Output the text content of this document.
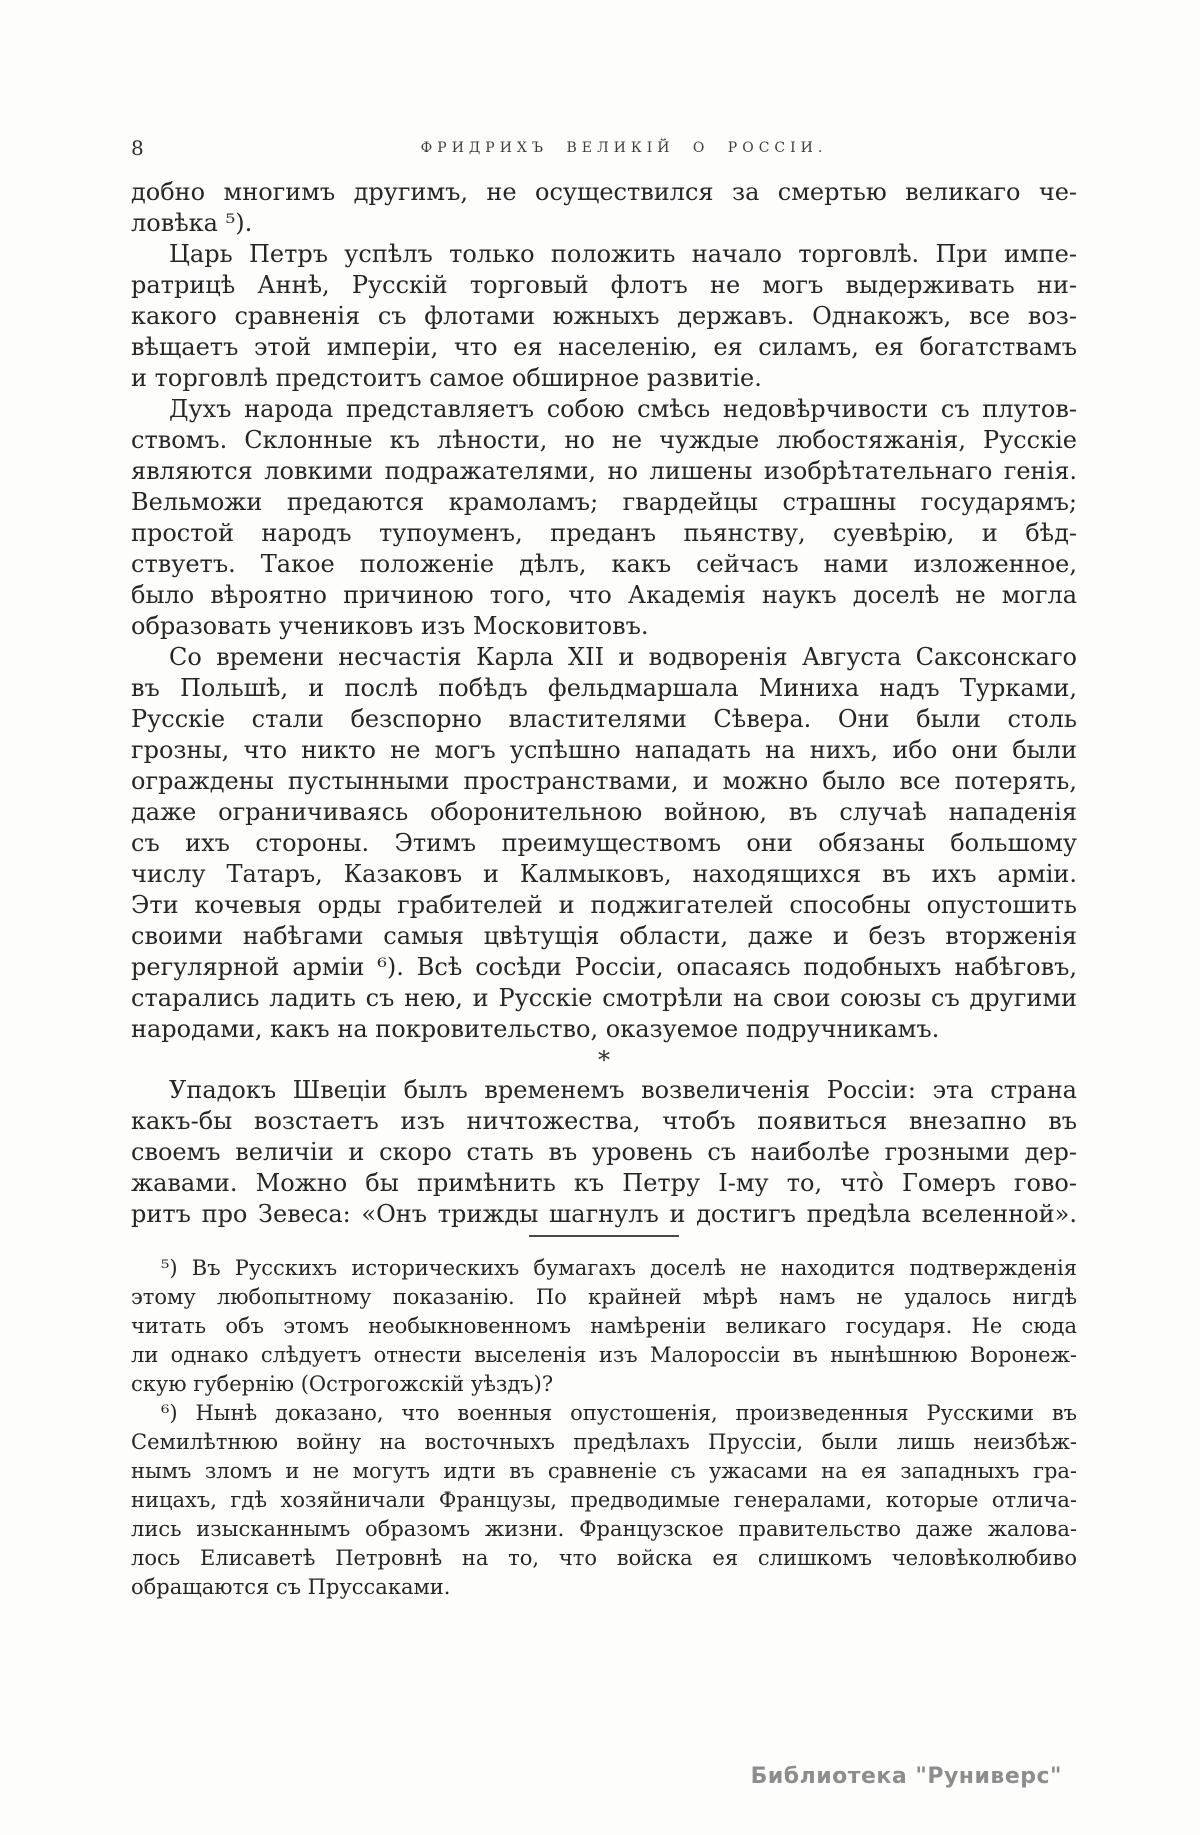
8	ФРИДРИХЪ ВЕЛИКІЙ О РОССІИ.
добно многимъ другимъ, не осуществился за смертью великаго че-
ловѣка ⁵).
Царь Петръ успѣлъ только положить начало торговлѣ. При импе-
ратрицѣ Аннѣ, Русскій торговый флотъ не могъ выдерживать ни-
какого сравненія съ флотами южныхъ державъ. Однакожъ, все воз-
вѣщаетъ этой имперіи, что ея населенію, ея силамъ, ея богатствамъ
и торговлѣ предстоитъ самое обширное развитіе.
Духъ народа представляетъ собою смѣсь недовѣрчивости съ плутов-
ствомъ. Склонные къ лѣности, но не чуждые любостяжанія, Русскіе
являются ловкими подражателями, но лишены изобрѣтательнаго генія.
Вельможи предаются крамоламъ; гвардейцы страшны государямъ;
простой народъ тупоуменъ, преданъ пьянству, суевѣрію, и бѣд-
ствуетъ. Такое положеніе дѣлъ, какъ сейчасъ нами изложенное,
было вѣроятно причиною того, что Академія наукъ доселѣ не могла
образовать учениковъ изъ Московитовъ.
Со времени несчастія Карла XII и водворенія Августа Саксонскаго
въ Польшѣ, и послѣ побѣдъ фельдмаршала Миниха надъ Турками,
Русскіе стали безспорно властителями Сѣвера. Они были столь
грозны, что никто не могъ успѣшно нападать на нихъ, ибо они были
ограждены пустынными пространствами, и можно было все потерять,
даже ограничиваясь оборонительною войною, въ случаѣ нападенія
съ ихъ стороны. Этимъ преимуществомъ они обязаны большому
числу Татаръ, Казаковъ и Калмыковъ, находящихся въ ихъ арміи.
Эти кочевыя орды грабителей и поджигателей способны опустошить
своими набѣгами самыя цвѣтущія области, даже и безъ вторженія
регулярной арміи ⁶). Всѣ сосѣди Россіи, опасаясь подобныхъ набѣговъ,
старались ладить съ нею, и Русскіе смотрѣли на свои союзы съ другими
народами, какъ на покровительство, оказуемое подручникамъ.
*
Упадокъ Швеціи былъ временемъ возвеличенія Россіи: эта страна
какъ-бы возстаетъ изъ ничтожества, чтобъ появиться внезапно въ
своемъ величіи и скоро стать въ уровень съ наиболѣе грозными дер-
жавами. Можно бы примѣнить къ Петру I-му то, что̀ Гомеръ гово-
ритъ про Зевеса: «Онъ трижды шагнулъ и достигъ предѣла вселенной».
⁵) Въ Русскихъ историческихъ бумагахъ доселѣ не находится подтвержденія
этому любопытному показанію. По крайней мѣрѣ намъ не удалось нигдѣ
читать объ этомъ необыкновенномъ намѣреніи великаго государя. Не сюда
ли однако слѣдуетъ отнести выселенія изъ Малороссіи въ нынѣшнюю Воронеж-
скую губернію (Острогожскій уѣздъ)?
⁶) Нынѣ доказано, что военныя опустошенія, произведенныя Русскими въ
Семилѣтнюю войну на восточныхъ предѣлахъ Пруссіи, были лишь неизбѣж-
нымъ зломъ и не могутъ идти въ сравненіе съ ужасами на ея западныхъ гра-
ницахъ, гдѣ хозяйничали Французы, предводимые генералами, которые отлича-
лись изысканнымъ образомъ жизни. Французское правительство даже жалова-
лось Елисаветѣ Петровнѣ на то, что войска ея слишкомъ человѣколюбиво
обращаются съ Пруссаками.
Библиотека "Руниверс"
